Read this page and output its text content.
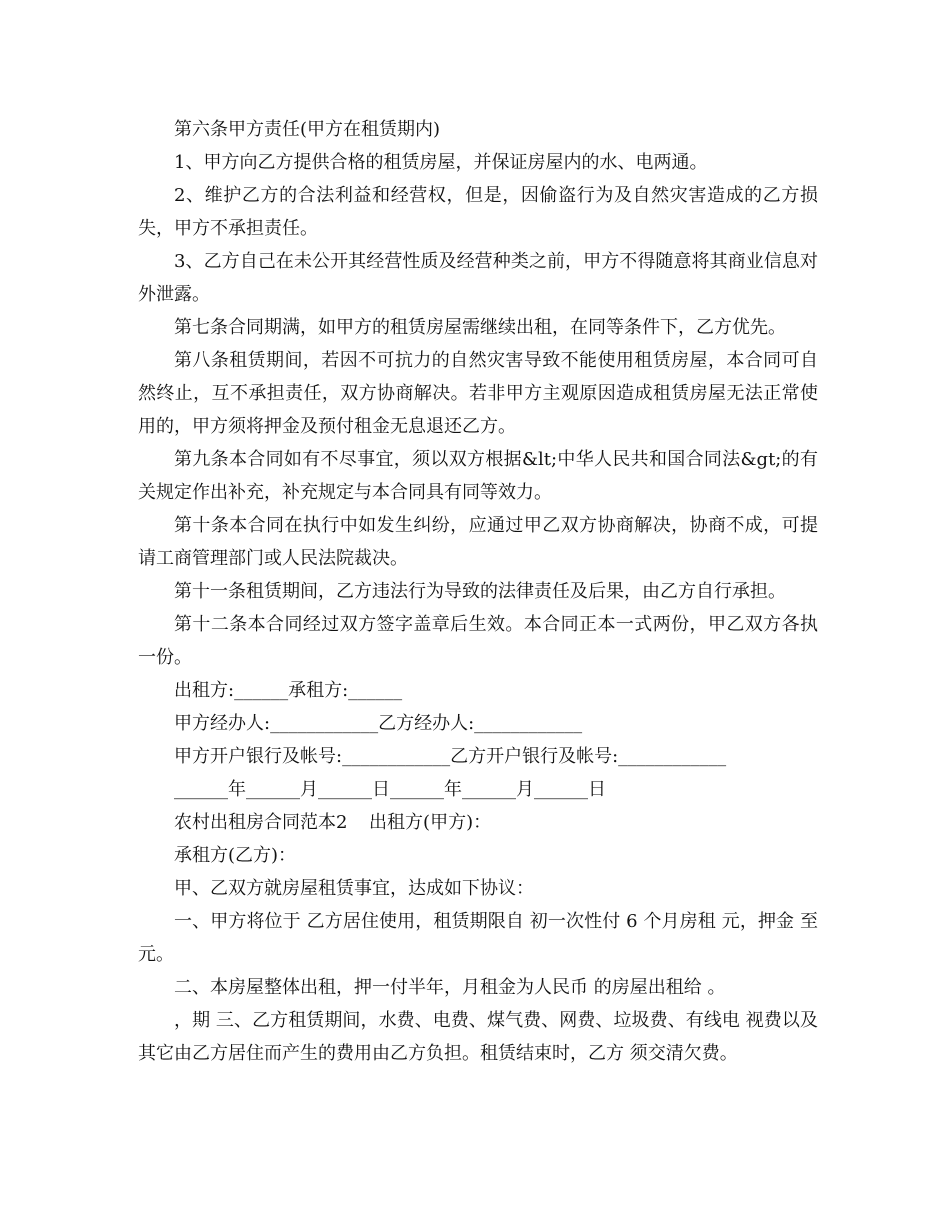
第六条甲方责任(甲方在租赁期内)

1、甲方向乙方提供合格的租赁房屋，并保证房屋内的水、电两通。

2、维护乙方的合法利益和经营权，但是，因偷盗行为及自然灾害造成的乙方损失，甲方不承担责任。

3、乙方自己在未公开其经营性质及经营种类之前，甲方不得随意将其商业信息对外泄露。

第七条合同期满，如甲方的租赁房屋需继续出租，在同等条件下，乙方优先。

第八条租赁期间，若因不可抗力的自然灾害导致不能使用租赁房屋，本合同可自然终止，互不承担责任，双方协商解决。若非甲方主观原因造成租赁房屋无法正常使用的，甲方须将押金及预付租金无息退还乙方。

第九条本合同如有不尽事宜，须以双方根据&lt;中华人民共和国合同法&gt;的有关规定作出补充，补充规定与本合同具有同等效力。

第十条本合同在执行中如发生纠纷，应通过甲乙双方协商解决，协商不成，可提请工商管理部门或人民法院裁决。

第十一条租赁期间，乙方违法行为导致的法律责任及后果，由乙方自行承担。

第十二条本合同经过双方签字盖章后生效。本合同正本一式两份，甲乙双方各执一份。

出租方:______承租方:______

甲方经办人:____________乙方经办人:____________

甲方开户银行及帐号:____________乙方开户银行及帐号:____________

______年______月______日______年______月______日

农村出租房合同范本2 出租方(甲方)：

承租方(乙方)：

甲、乙双方就房屋租赁事宜，达成如下协议：

一、甲方将位于 乙方居住使用，租赁期限自 初一次性付 6 个月房租 元，押金 至 元。

二、本房屋整体出租，押一付半年，月租金为人民币 的房屋出租给 。

，期 三、乙方租赁期间，水费、电费、煤气费、网费、垃圾费、有线电 视费以及其它由乙方居住而产生的费用由乙方负担。租赁结束时，乙方 须交清欠费。
